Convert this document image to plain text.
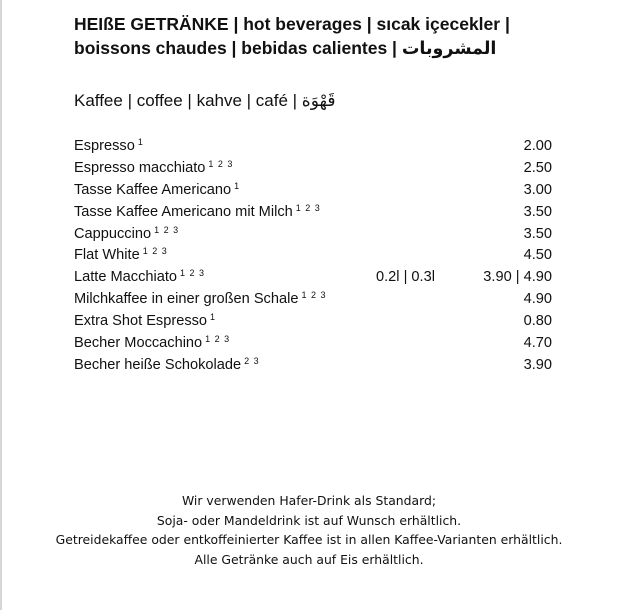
HEIßE GETRÄNKE | hot beverages | sıcak içecekler |
boissons chaudes | bebidas calientes | المشروبات
Kaffee | coffee | kahve | café | قَهْوَة
Espresso $^1$	2.00
Espresso macchiato $^{1 2 3}$	2.50
Tasse Kaffee Americano $^1$	3.00
Tasse Kaffee Americano mit Milch $^{1 2 3}$	3.50
Cappuccino $^{1 2 3}$	3.50
Flat White $^{1 2 3}$	4.50
Latte Macchiato $^{1 2 3}$	0.2l | 0.3l	3.90 | 4.90
Milchkaffee in einer großen Schale $^{1 2 3}$	4.90
Extra Shot Espresso $^1$	0.80
Becher Moccachino $^{1 2 3}$	4.70
Becher heiße Schokolade $^{2 3}$	3.90
Wir verwenden Hafer-Drink als Standard;
Soja- oder Mandeldrink ist auf Wunsch erhältlich.
Getreidekaffee oder entkoffeinierter Kaffee ist in allen Kaffee-Varianten erhältlich.
Alle Getränke auch auf Eis erhältlich.
